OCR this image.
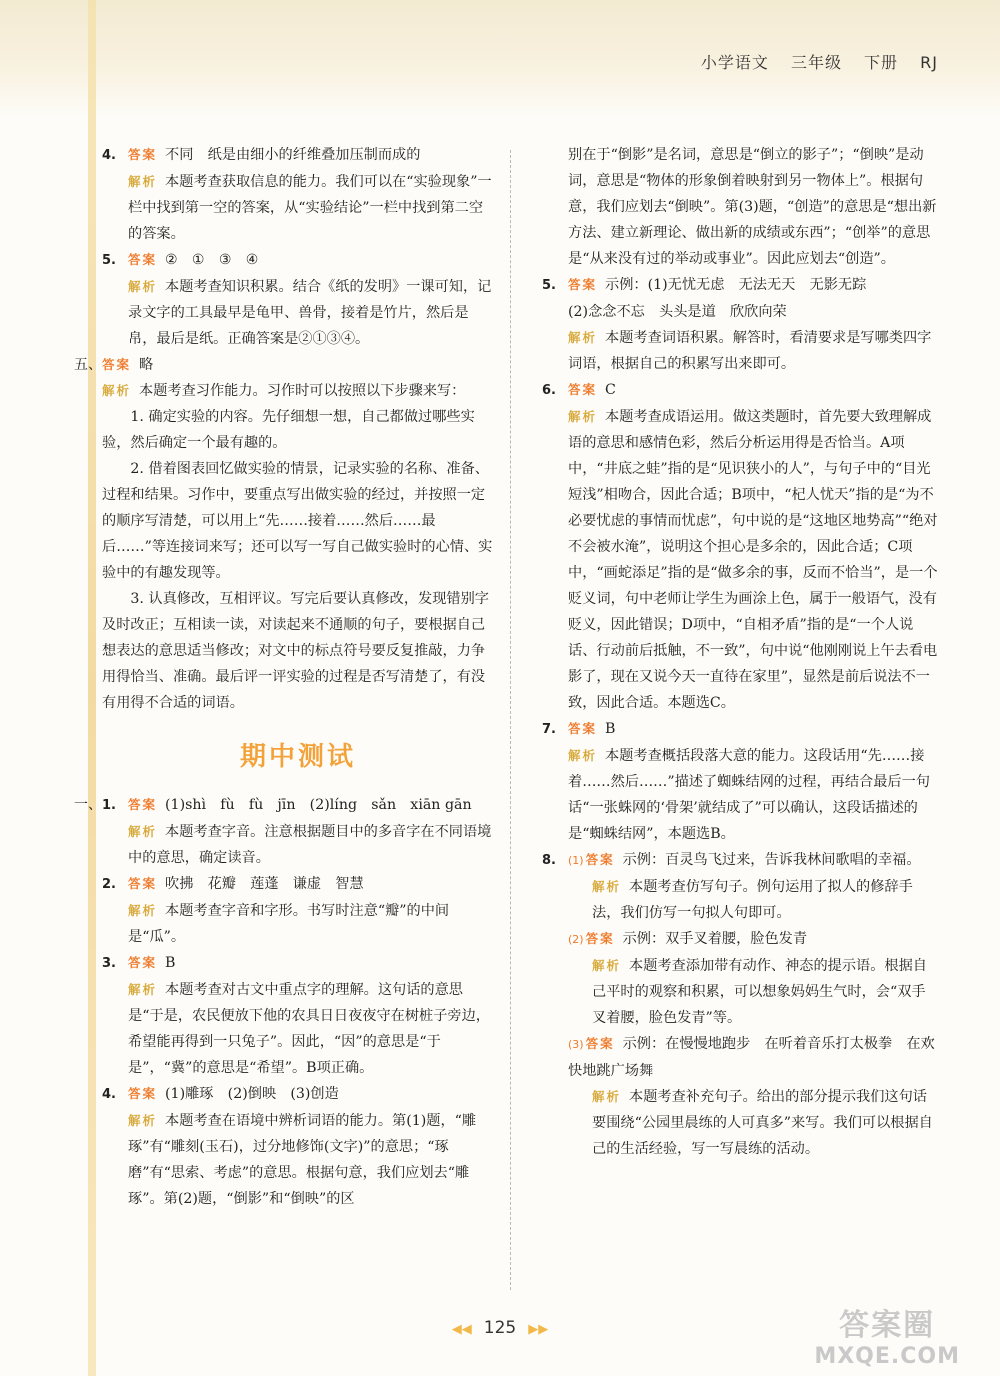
小学语文 三年级 下册 RJ
4. 答案 不同　纸是由细小的纤维叠加压制而成的
解析 本题考查获取信息的能力。我们可以在“实验现象”一栏中找到第一空的答案，从“实验结论”一栏中找到第二空的答案。
5. 答案 ②　①　③　④
解析 本题考查知识积累。结合《纸的发明》一课可知，记录文字的工具最早是龟甲、兽骨，接着是竹片，然后是帛，最后是纸。正确答案是②①③④。
五、 答案 略
解析 本题考查习作能力。习作时可以按照以下步骤来写：
1. 确定实验的内容。先仔细想一想，自己都做过哪些实验，然后确定一个最有趣的。
2. 借着图表回忆做实验的情景，记录实验的名称、准备、过程和结果。习作中，要重点写出做实验的经过，并按照一定的顺序写清楚，可以用上“先……接着……然后……最后……”等连接词来写；还可以写一写自己做实验时的心情、实验中的有趣发现等。
3. 认真修改，互相评议。写完后要认真修改，发现错别字及时改正；互相读一读，对读起来不通顺的句子，要根据自己想表达的意思适当修改；对文中的标点符号要反复推敲，力争用得恰当、准确。最后评一评实验的过程是否写清楚了，有没有用得不合适的词语。
期中测试
一、 1. 答案 (1)shì　fù　fù　jīn　(2)líng　sǎn　xiān gān
解析 本题考查字音。注意根据题目中的多音字在不同语境中的意思，确定读音。
2. 答案 吹拂　花瓣　莲蓬　谦虚　智慧
解析 本题考查字音和字形。书写时注意“瓣”的中间是“瓜”。
3. 答案 B
解析 本题考查对古文中重点字的理解。这句话的意思是“于是，农民便放下他的农具日日夜夜守在树桩子旁边，希望能再得到一只兔子”。因此，“因”的意思是“于是”，“冀”的意思是“希望”。B项正确。
4. 答案 (1)雕琢　(2)倒映　(3)创造
解析 本题考查在语境中辨析词语的能力。第(1)题，“雕琢”有“雕刻(玉石)，过分地修饰(文字)”的意思；“琢磨”有“思索、考虑”的意思。根据句意，我们应划去“雕琢”。第(2)题，“倒影”和“倒映”的区
别在于“倒影”是名词，意思是“倒立的影子”；“倒映”是动词，意思是“物体的形象倒着映射到另一物体上”。根据句意，我们应划去“倒映”。第(3)题，“创造”的意思是“想出新方法、建立新理论、做出新的成绩或东西”；“创举”的意思是“从来没有过的举动或事业”。因此应划去“创造”。
5. 答案 示例：(1)无忧无虑　无法无天　无影无踪
(2)念念不忘　头头是道　欣欣向荣
解析 本题考查词语积累。解答时，看清要求是写哪类四字词语，根据自己的积累写出来即可。
6. 答案 C
解析 本题考查成语运用。做这类题时，首先要大致理解成语的意思和感情色彩，然后分析运用得是否恰当。A项中，“井底之蛙”指的是“见识狭小的人”，与句子中的“目光短浅”相吻合，因此合适；B项中，“杞人忧天”指的是“为不必要忧虑的事情而忧虑”，句中说的是“这地区地势高”“绝对不会被水淹”，说明这个担心是多余的，因此合适；C项中，“画蛇添足”指的是“做多余的事，反而不恰当”，是一个贬义词，句中老师让学生为画涂上色，属于一般语气，没有贬义，因此错误；D项中，“自相矛盾”指的是“一个人说话、行动前后抵触，不一致”，句中说“他刚刚说上午去看电影了，现在又说今天一直待在家里”，显然是前后说法不一致，因此合适。本题选C。
7. 答案 B
解析 本题考查概括段落大意的能力。这段话用“先……接着……然后……”描述了蜘蛛结网的过程，再结合最后一句话“一张蛛网的‘骨架’就结成了”可以确认，这段话描述的是“蜘蛛结网”，本题选B。
8. (1) 答案 示例：百灵鸟飞过来，告诉我林间歌唱的幸福。
解析 本题考查仿写句子。例句运用了拟人的修辞手法，我们仿写一句拟人句即可。
(2) 答案 示例：双手叉着腰，脸色发青
解析 本题考查添加带有动作、神态的提示语。根据自己平时的观察和积累，可以想象妈妈生气时，会“双手叉着腰，脸色发青”等。
(3) 答案 示例：在慢慢地跑步　在听着音乐打太极拳　在欢快地跳广场舞
解析 本题考查补充句子。给出的部分提示我们这句话要围绕“公园里晨练的人可真多”来写。我们可以根据自己的生活经验，写一写晨练的活动。
◀◀ 125 ▶▶	答案圈
MXQE.COM
